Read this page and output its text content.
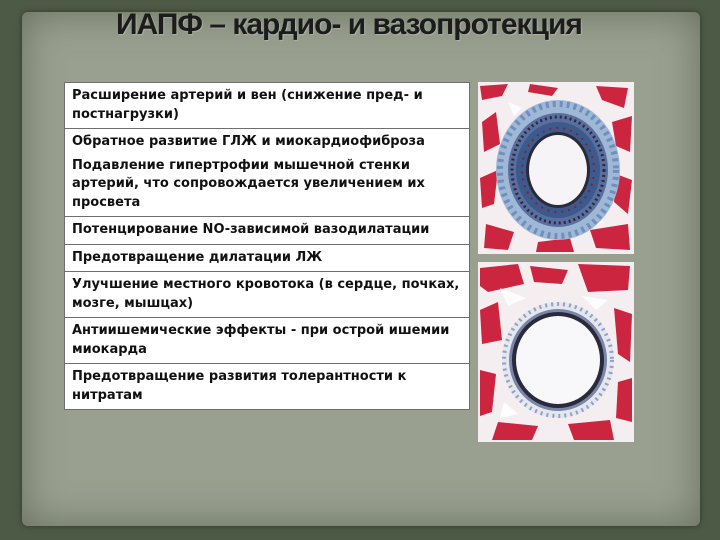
ИАПФ – кардио- и вазопротекция

Расширение артерий и вен (снижение пред- и постнагрузки)

Обратное развитие ГЛЖ и миокардиофиброза

Подавление гипертрофии мышечной стенки артерий, что сопровождается увеличением их просвета

Потенцирование NO-зависимой вазодилатации

Предотвращение дилатации ЛЖ

Улучшение местного кровотока (в сердце, почках, мозге, мышцах)

Антиишемические эффекты - при острой ишемии миокарда

Предотвращение развития толерантности к нитратам
